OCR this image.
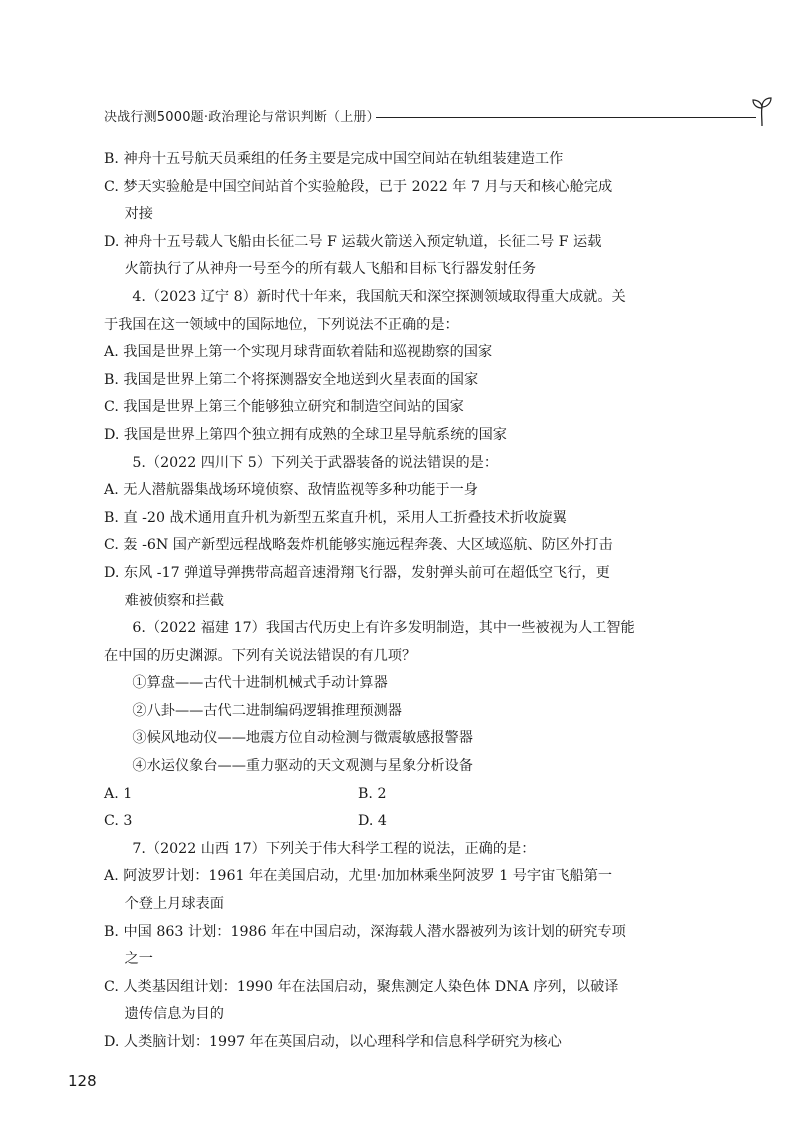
决战行测5000题·政治理论与常识判断（上册）
B. 神舟十五号航天员乘组的任务主要是完成中国空间站在轨组装建造工作
C. 梦天实验舱是中国空间站首个实验舱段，已于 2022 年 7 月与天和核心舱完成
对接
D. 神舟十五号载人飞船由长征二号 F 运载火箭送入预定轨道，长征二号 F 运载
火箭执行了从神舟一号至今的所有载人飞船和目标飞行器发射任务
4.（2023 辽宁 8）新时代十年来，我国航天和深空探测领域取得重大成就。关
于我国在这一领域中的国际地位，下列说法不正确的是：
A. 我国是世界上第一个实现月球背面软着陆和巡视勘察的国家
B. 我国是世界上第二个将探测器安全地送到火星表面的国家
C. 我国是世界上第三个能够独立研究和制造空间站的国家
D. 我国是世界上第四个独立拥有成熟的全球卫星导航系统的国家
5.（2022 四川下 5）下列关于武器装备的说法错误的是：
A. 无人潜航器集战场环境侦察、敌情监视等多种功能于一身
B. 直 -20 战术通用直升机为新型五桨直升机，采用人工折叠技术折收旋翼
C. 轰 -6N 国产新型远程战略轰炸机能够实施远程奔袭、大区域巡航、防区外打击
D. 东风 -17 弹道导弹携带高超音速滑翔飞行器，发射弹头前可在超低空飞行，更
难被侦察和拦截
6.（2022 福建 17）我国古代历史上有许多发明制造，其中一些被视为人工智能
在中国的历史渊源。下列有关说法错误的有几项？
①算盘——古代十进制机械式手动计算器
②八卦——古代二进制编码逻辑推理预测器
③候风地动仪——地震方位自动检测与微震敏感报警器
④水运仪象台——重力驱动的天文观测与星象分析设备
A. 1	B. 2
C. 3	D. 4
7.（2022 山西 17）下列关于伟大科学工程的说法，正确的是：
A. 阿波罗计划：1961 年在美国启动，尤里·加加林乘坐阿波罗 1 号宇宙飞船第一
个登上月球表面
B. 中国 863 计划：1986 年在中国启动，深海载人潜水器被列为该计划的研究专项
之一
C. 人类基因组计划：1990 年在法国启动，聚焦测定人染色体 DNA 序列，以破译
遗传信息为目的
D. 人类脑计划：1997 年在英国启动，以心理科学和信息科学研究为核心
128
